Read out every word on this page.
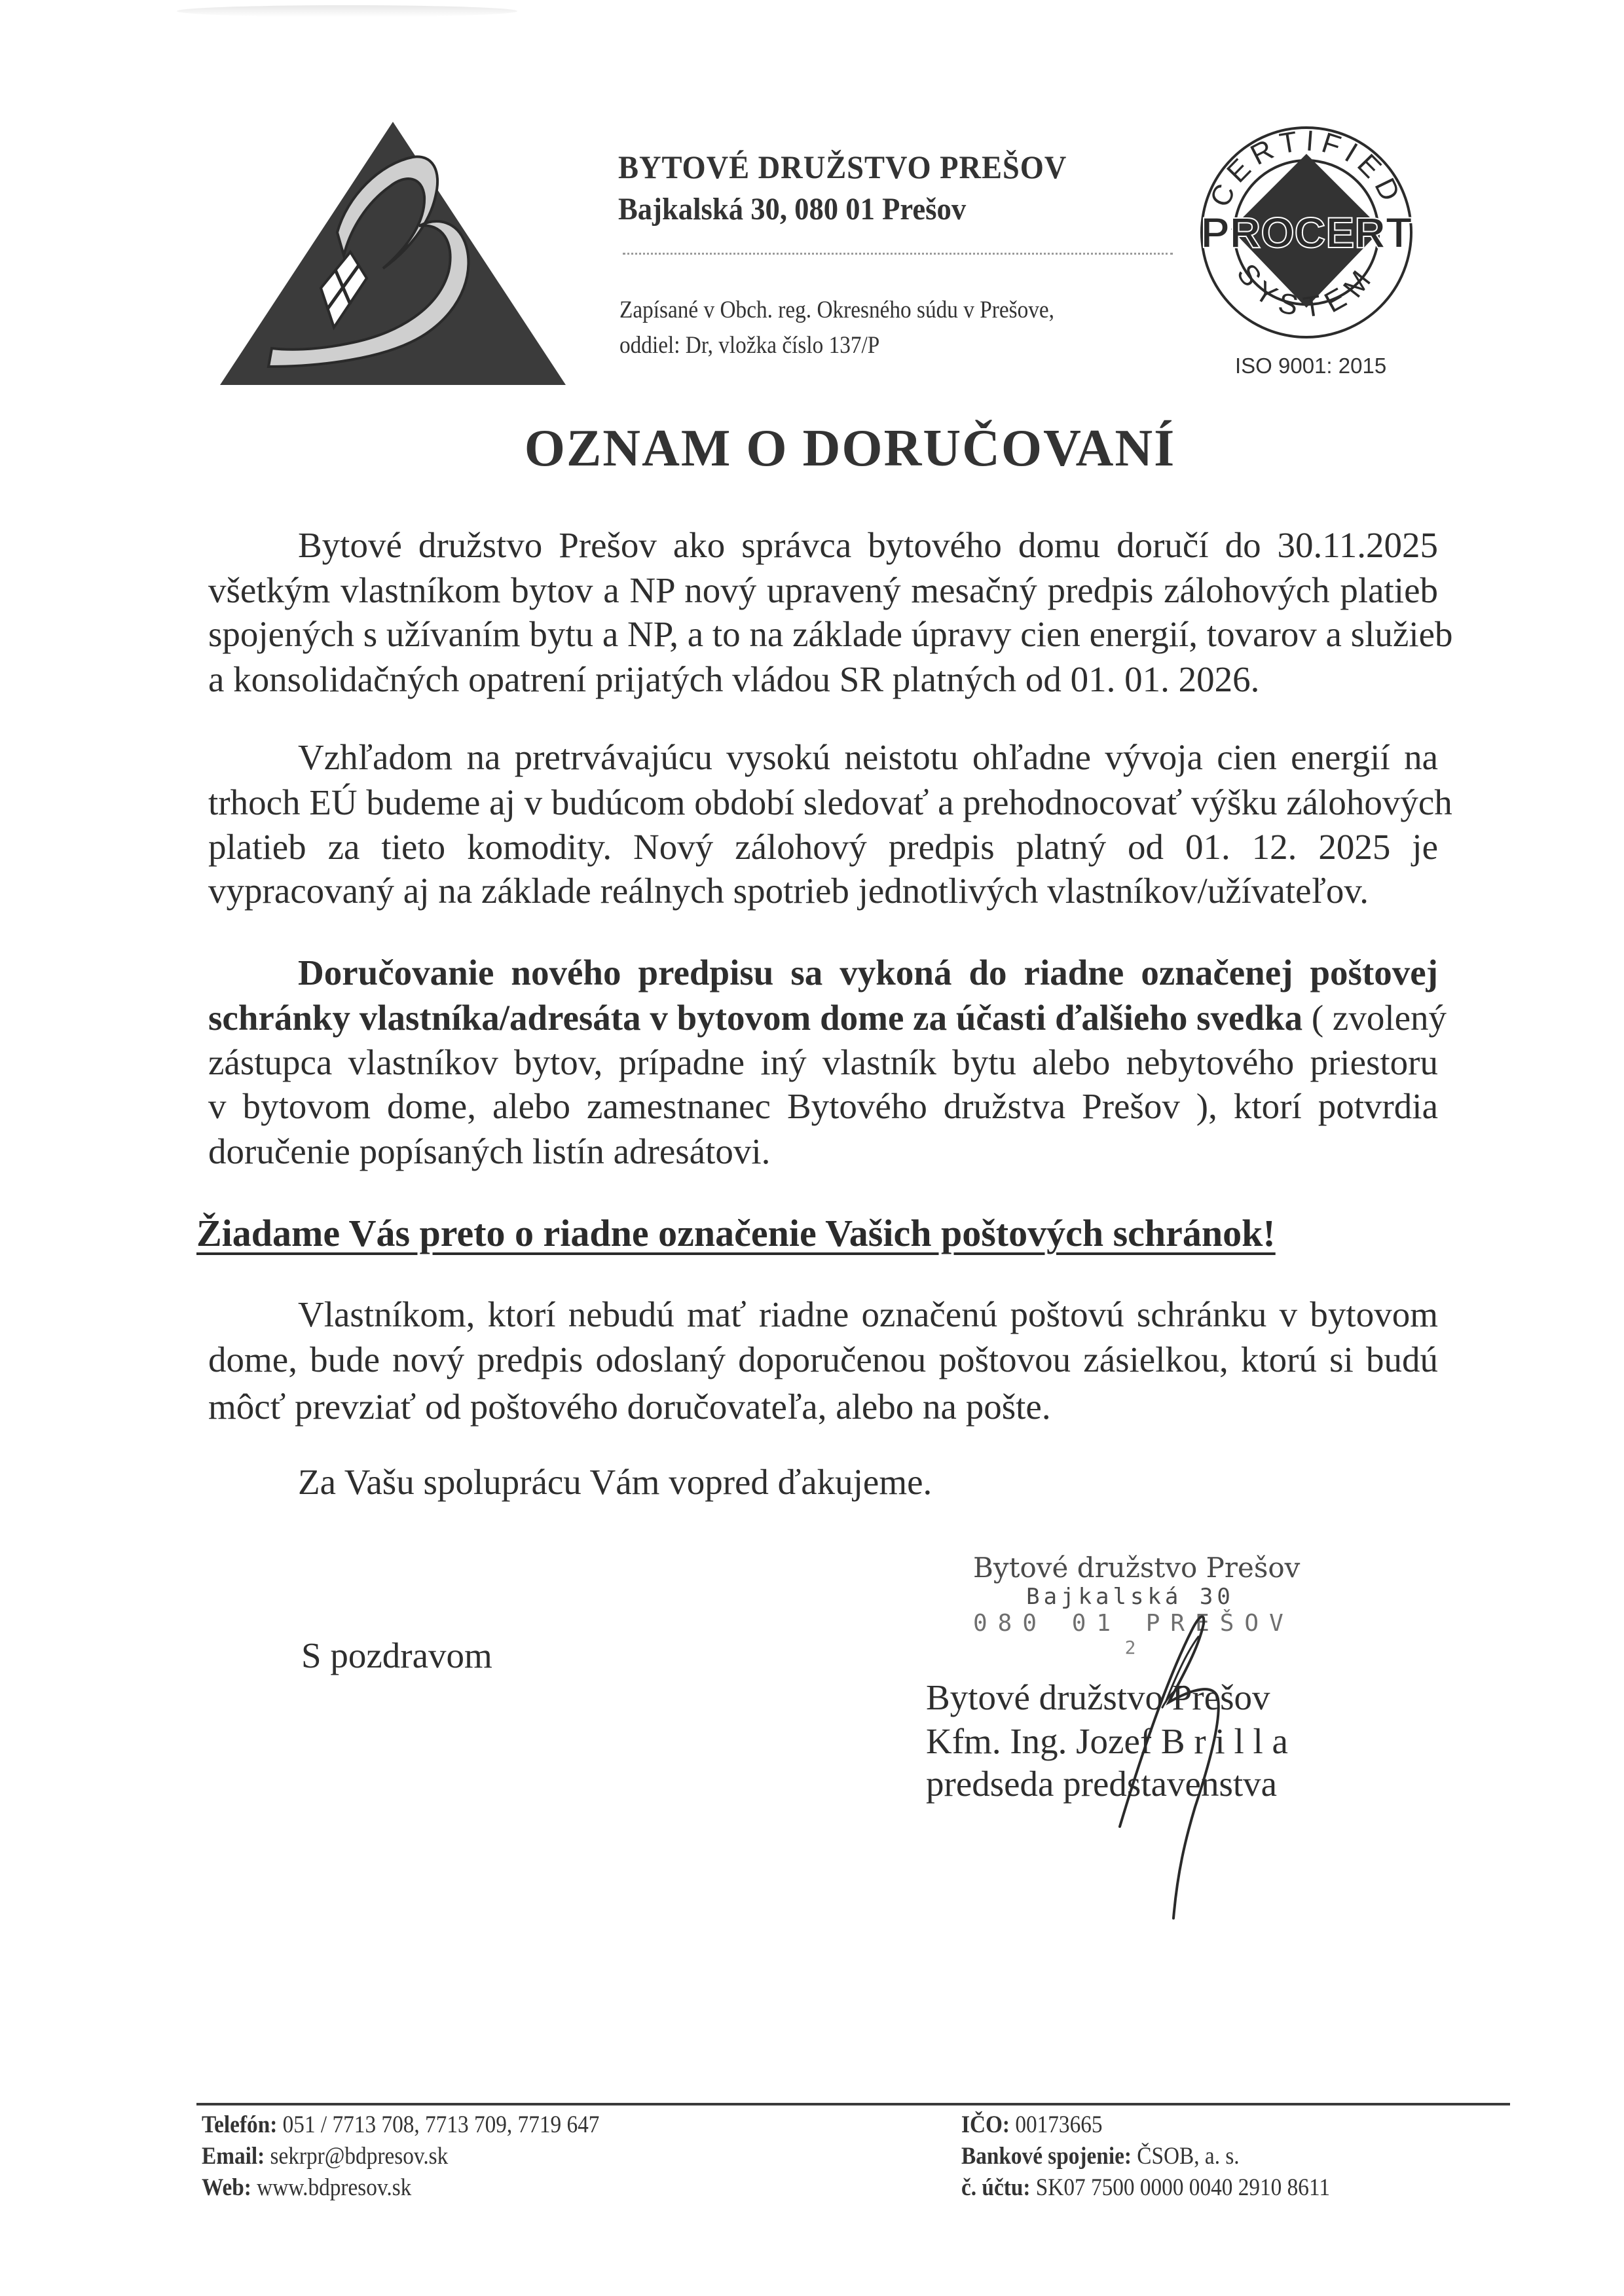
BYTOVÉ DRUŽSTVO PREŠOV
Bajkalská 30, 080 01 Prešov
Zapísané v Obch. reg. Okresného súdu v Prešove,
oddiel: Dr, vložka číslo 137/P
CERTIFIED
SYSTEM
PROCERT
ISO 9001: 2015
OZNAM O DORUČOVANÍ
Bytové družstvo Prešov ako správca bytového domu doručí do 30.11.2025
všetkým vlastníkom bytov a NP nový upravený mesačný predpis zálohových platieb
spojených s užívaním bytu a NP, a to na základe úpravy cien energií, tovarov a služieb
a konsolidačných opatrení prijatých vládou SR platných od 01. 01. 2026.
Vzhľadom na pretrvávajúcu vysokú neistotu ohľadne vývoja cien energií na
trhoch EÚ budeme aj v budúcom období sledovať a prehodnocovať výšku zálohových
platieb za tieto komodity. Nový zálohový predpis platný od 01. 12. 2025 je
vypracovaný aj na základe reálnych spotrieb jednotlivých vlastníkov/užívateľov.
Doručovanie nového predpisu sa vykoná do riadne označenej poštovej
schránky vlastníka/adresáta v bytovom dome za účasti ďalšieho svedka ( zvolený
zástupca vlastníkov bytov, prípadne iný vlastník bytu alebo nebytového priestoru
v bytovom dome, alebo zamestnanec Bytového družstva Prešov ), ktorí potvrdia
doručenie popísaných listín adresátovi.
Žiadame Vás preto o riadne označenie Vašich poštových schránok!
Vlastníkom, ktorí nebudú mať riadne označenú poštovú schránku v bytovom
dome, bude nový predpis odoslaný doporučenou poštovou zásielkou, ktorú si budú
môcť prevziať od poštového doručovateľa, alebo na pošte.
Za Vašu spoluprácu Vám vopred ďakujeme.
S pozdravom
Bytové družstvo Prešov
Bajkalská 30
080 01 PREŠOV
2
Bytové družstvo Prešov
Kfm. Ing. Jozef B r i l l a
predseda predstavenstva
Telefón: 051 / 7713 708, 7713 709, 7719 647
Email: sekrpr@bdpresov.sk
Web: www.bdpresov.sk
IČO: 00173665
Bankové spojenie: ČSOB, a. s.
č. účtu: SK07 7500 0000 0040 2910 8611
